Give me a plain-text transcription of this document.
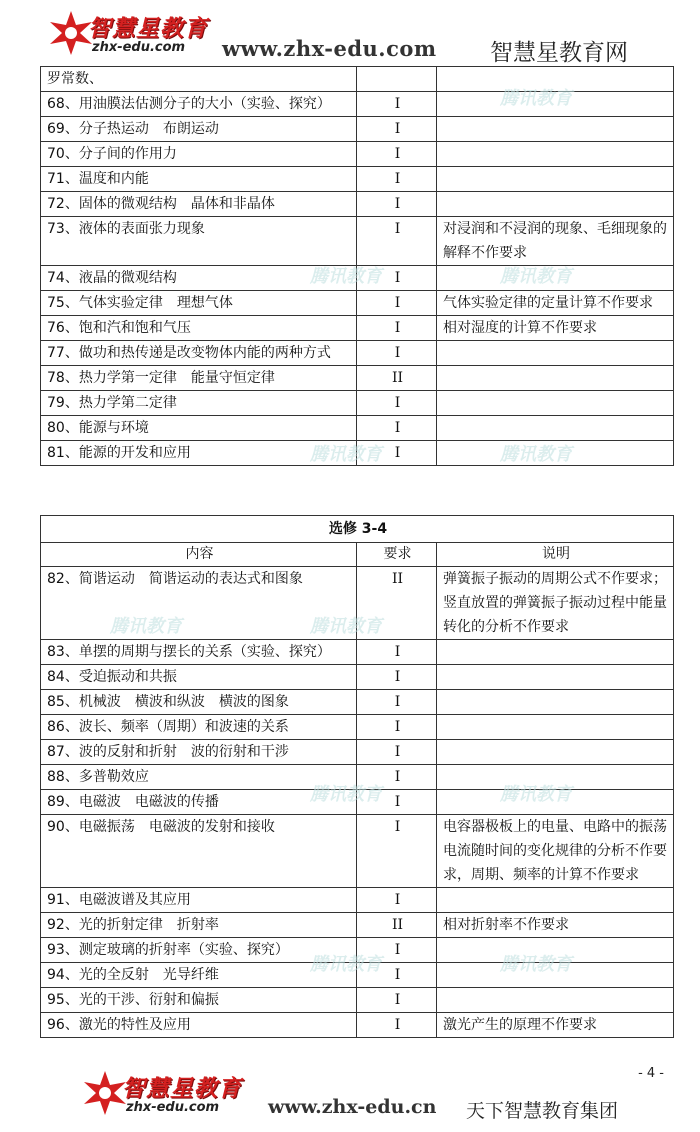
智慧星教育
zhx-edu.com www.zhx-edu.com 智慧星教育网
罗常数、		
68、用油膜法估测分子的大小（实验、探究）	I	
69、分子热运动　布朗运动	I	
70、分子间的作用力	I	
71、温度和内能	I	
72、固体的微观结构　晶体和非晶体	I	
73、液体的表面张力现象	I	对浸润和不浸润的现象、毛细现象的解释不作要求
74、液晶的微观结构	I	
75、气体实验定律　理想气体	I	气体实验定律的定量计算不作要求
76、饱和汽和饱和气压	I	相对湿度的计算不作要求
77、做功和热传递是改变物体内能的两种方式	I	
78、热力学第一定律　能量守恒定律	II	
79、热力学第二定律	I	
80、能源与环境	I	
81、能源的开发和应用	I	
选修 3-4		
内容	要求	说明
82、简谐运动　简谐运动的表达式和图象	II	弹簧振子振动的周期公式不作要求；竖直放置的弹簧振子振动过程中能量转化的分析不作要求
83、单摆的周期与摆长的关系（实验、探究）	I	
84、受迫振动和共振	I	
85、机械波　横波和纵波　横波的图象	I	
86、波长、频率（周期）和波速的关系	I	
87、波的反射和折射　波的衍射和干涉	I	
88、多普勒效应	I	
89、电磁波　电磁波的传播	I	
90、电磁振荡　电磁波的发射和接收	I	电容器极板上的电量、电路中的振荡电流随时间的变化规律的分析不作要求，周期、频率的计算不作要求
91、电磁波谱及其应用	I	
92、光的折射定律　折射率	II	相对折射率不作要求
93、测定玻璃的折射率（实验、探究）	I	
94、光的全反射　光导纤维	I	
95、光的干涉、衍射和偏振	I	
96、激光的特性及应用	I	激光产生的原理不作要求
腾讯教育
腾讯教育	腾讯教育
腾讯教育	腾讯教育
腾讯教育	腾讯教育
腾讯教育	腾讯教育
腾讯教育	腾讯教育
- 4 -
智慧星教育
zhx-edu.com	www.zhx-edu.cn 天下智慧教育集团
